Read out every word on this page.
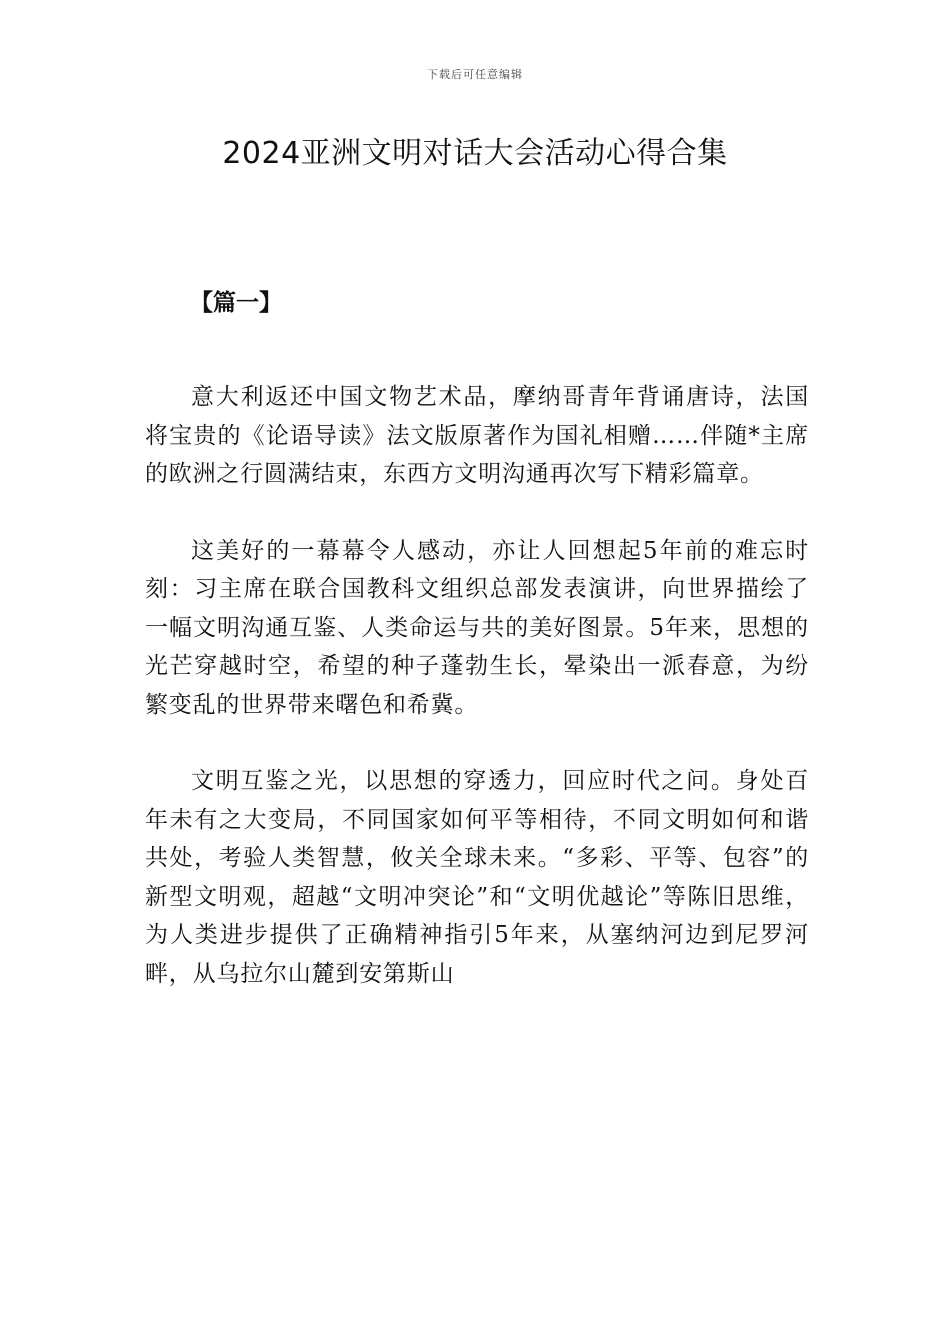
下载后可任意编辑
2024亚洲文明对话大会活动心得合集
【篇一】

意大利返还中国文物艺术品，摩纳哥青年背诵唐诗，法国将宝贵的《论语导读》法文版原著作为国礼相赠……伴随*主席的欧洲之行圆满结束，东西方文明沟通再次写下精彩篇章。

这美好的一幕幕令人感动，亦让人回想起5年前的难忘时刻：习主席在联合国教科文组织总部发表演讲，向世界描绘了一幅文明沟通互鉴、人类命运与共的美好图景。5年来，思想的光芒穿越时空，希望的种子蓬勃生长，晕染出一派春意，为纷繁变乱的世界带来曙色和希冀。

文明互鉴之光，以思想的穿透力，回应时代之问。身处百年未有之大变局，不同国家如何平等相待，不同文明如何和谐共处，考验人类智慧，攸关全球未来。“多彩、平等、包容”的新型文明观，超越“文明冲突论”和“文明优越论”等陈旧思维，为人类进步提供了正确精神指引5年来，从塞纳河边到尼罗河畔，从乌拉尔山麓到安第斯山
